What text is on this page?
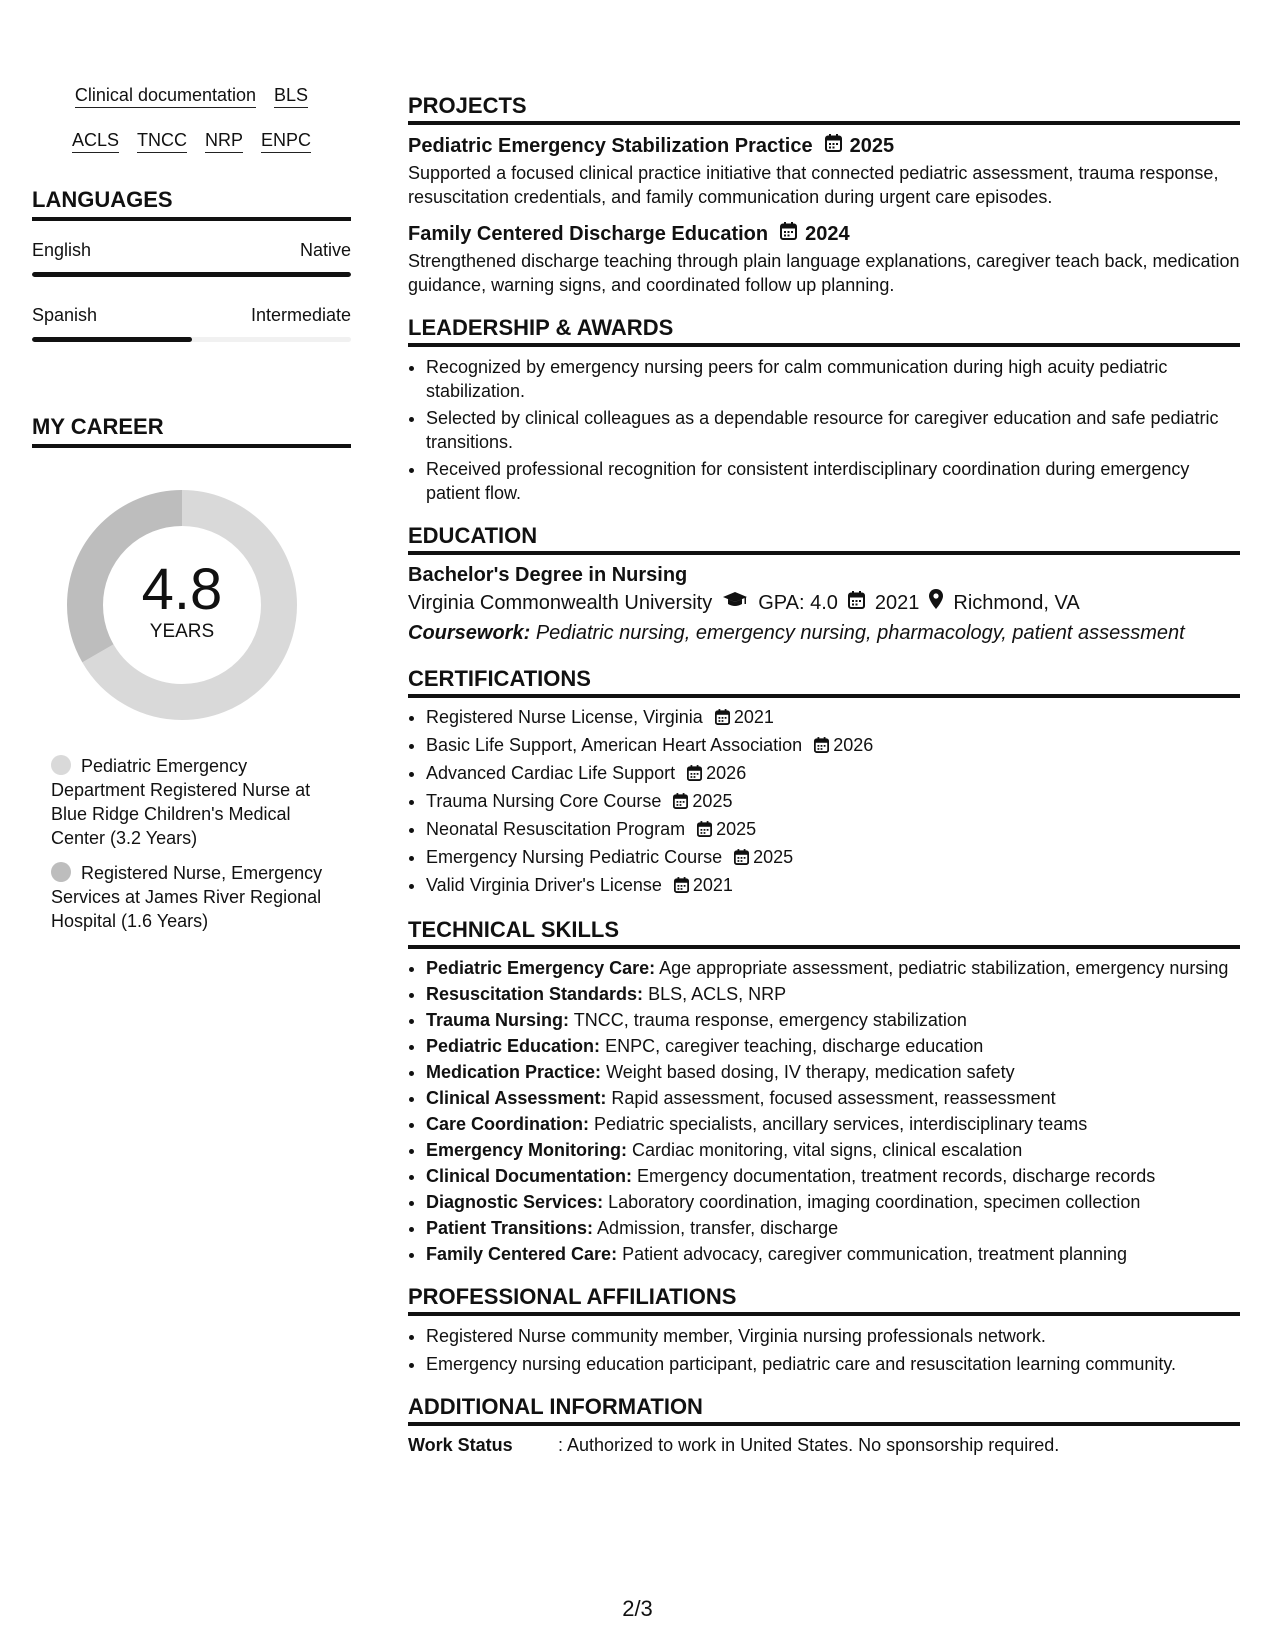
Clinical documentation BLS
ACLS TNCC NRP ENPC
LANGUAGES
English	Native
Spanish	Intermediate
MY CAREER
4.8
YEARS
Pediatric Emergency Department Registered Nurse at Blue Ridge Children's Medical Center (3.2 Years)
Registered Nurse, Emergency Services at James River Regional Hospital (1.6 Years)
PROJECTS
Pediatric Emergency Stabilization Practice 2025
Supported a focused clinical practice initiative that connected pediatric assessment, trauma response, resuscitation credentials, and family communication during urgent care episodes.
Family Centered Discharge Education 2024
Strengthened discharge teaching through plain language explanations, caregiver teach back, medication guidance, warning signs, and coordinated follow up planning.
LEADERSHIP & AWARDS
• Recognized by emergency nursing peers for calm communication during high acuity pediatric stabilization.
• Selected by clinical colleagues as a dependable resource for caregiver education and safe pediatric transitions.
• Received professional recognition for consistent interdisciplinary coordination during emergency patient flow.
EDUCATION
Bachelor's Degree in Nursing
Virginia Commonwealth University GPA: 4.0 2021 Richmond, VA
Coursework: Pediatric nursing, emergency nursing, pharmacology, patient assessment
CERTIFICATIONS
• Registered Nurse License, Virginia 2021
• Basic Life Support, American Heart Association 2026
• Advanced Cardiac Life Support 2026
• Trauma Nursing Core Course 2025
• Neonatal Resuscitation Program 2025
• Emergency Nursing Pediatric Course 2025
• Valid Virginia Driver's License 2021
TECHNICAL SKILLS
• Pediatric Emergency Care: Age appropriate assessment, pediatric stabilization, emergency nursing
• Resuscitation Standards: BLS, ACLS, NRP
• Trauma Nursing: TNCC, trauma response, emergency stabilization
• Pediatric Education: ENPC, caregiver teaching, discharge education
• Medication Practice: Weight based dosing, IV therapy, medication safety
• Clinical Assessment: Rapid assessment, focused assessment, reassessment
• Care Coordination: Pediatric specialists, ancillary services, interdisciplinary teams
• Emergency Monitoring: Cardiac monitoring, vital signs, clinical escalation
• Clinical Documentation: Emergency documentation, treatment records, discharge records
• Diagnostic Services: Laboratory coordination, imaging coordination, specimen collection
• Patient Transitions: Admission, transfer, discharge
• Family Centered Care: Patient advocacy, caregiver communication, treatment planning
PROFESSIONAL AFFILIATIONS
• Registered Nurse community member, Virginia nursing professionals network.
• Emergency nursing education participant, pediatric care and resuscitation learning community.
ADDITIONAL INFORMATION
Work Status	: Authorized to work in United States. No sponsorship required.
2/3
